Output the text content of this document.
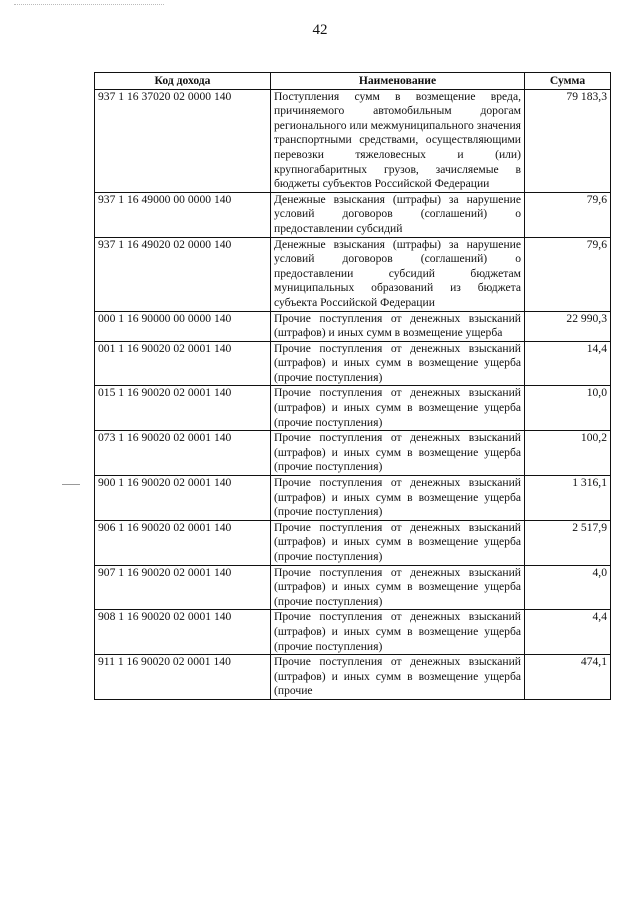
42
Код дохода	Наименование	Сумма
937 1 16 37020 02 0000 140	Поступления сумм в возмещение вреда, причиняемого автомобильным дорогам регионального или межмуниципального значения транспортными средствами, осуществляющими перевозки тяжеловесных и (или) крупногабаритных грузов, зачисляемые в бюджеты субъектов Российской Федерации	79 183,3
937 1 16 49000 00 0000 140	Денежные взыскания (штрафы) за нарушение условий договоров (соглашений) о предоставлении субсидий	79,6
937 1 16 49020 02 0000 140	Денежные взыскания (штрафы) за нарушение условий договоров (соглашений) о предоставлении субсидий бюджетам муниципальных образований из бюджета субъекта Российской Федерации	79,6
000 1 16 90000 00 0000 140	Прочие поступления от денежных взысканий (штрафов) и иных сумм в возмещение ущерба	22 990,3
001 1 16 90020 02 0001 140	Прочие поступления от денежных взысканий (штрафов) и иных сумм в возмещение ущерба (прочие поступления)	14,4
015 1 16 90020 02 0001 140	Прочие поступления от денежных взысканий (штрафов) и иных сумм в возмещение ущерба (прочие поступления)	10,0
073 1 16 90020 02 0001 140	Прочие поступления от денежных взысканий (штрафов) и иных сумм в возмещение ущерба (прочие поступления)	100,2
900 1 16 90020 02 0001 140	Прочие поступления от денежных взысканий (штрафов) и иных сумм в возмещение ущерба (прочие поступления)	1 316,1
906 1 16 90020 02 0001 140	Прочие поступления от денежных взысканий (штрафов) и иных сумм в возмещение ущерба (прочие поступления)	2 517,9
907 1 16 90020 02 0001 140	Прочие поступления от денежных взысканий (штрафов) и иных сумм в возмещение ущерба (прочие поступления)	4,0
908 1 16 90020 02 0001 140	Прочие поступления от денежных взысканий (штрафов) и иных сумм в возмещение ущерба (прочие поступления)	4,4
911 1 16 90020 02 0001 140	Прочие поступления от денежных взысканий (штрафов) и иных сумм в возмещение ущерба (прочие	474,1
